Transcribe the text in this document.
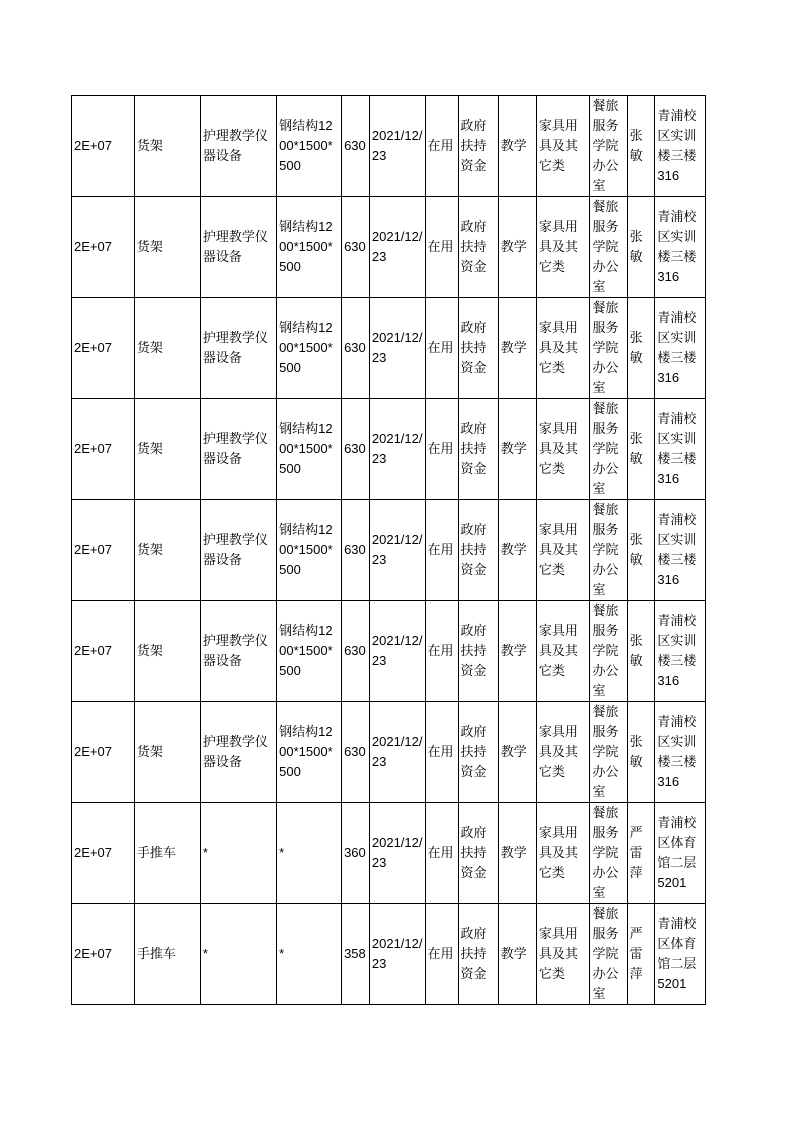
2E+07	货架	护理教学仪器设备	钢结构1200*1500*500	630	2021/12/23	在用	政府扶持资金	教学	家具用具及其它类	餐旅服务学院办公室	张敏	青浦校区实训楼三楼316
2E+07	货架	护理教学仪器设备	钢结构1200*1500*500	630	2021/12/23	在用	政府扶持资金	教学	家具用具及其它类	餐旅服务学院办公室	张敏	青浦校区实训楼三楼316
2E+07	货架	护理教学仪器设备	钢结构1200*1500*500	630	2021/12/23	在用	政府扶持资金	教学	家具用具及其它类	餐旅服务学院办公室	张敏	青浦校区实训楼三楼316
2E+07	货架	护理教学仪器设备	钢结构1200*1500*500	630	2021/12/23	在用	政府扶持资金	教学	家具用具及其它类	餐旅服务学院办公室	张敏	青浦校区实训楼三楼316
2E+07	货架	护理教学仪器设备	钢结构1200*1500*500	630	2021/12/23	在用	政府扶持资金	教学	家具用具及其它类	餐旅服务学院办公室	张敏	青浦校区实训楼三楼316
2E+07	货架	护理教学仪器设备	钢结构1200*1500*500	630	2021/12/23	在用	政府扶持资金	教学	家具用具及其它类	餐旅服务学院办公室	张敏	青浦校区实训楼三楼316
2E+07	货架	护理教学仪器设备	钢结构1200*1500*500	630	2021/12/23	在用	政府扶持资金	教学	家具用具及其它类	餐旅服务学院办公室	张敏	青浦校区实训楼三楼316
2E+07	手推车	*	*	360	2021/12/23	在用	政府扶持资金	教学	家具用具及其它类	餐旅服务学院办公室	严雷萍	青浦校区体育馆二层5201
2E+07	手推车	*	*	358	2021/12/23	在用	政府扶持资金	教学	家具用具及其它类	餐旅服务学院办公室	严雷萍	青浦校区体育馆二层5201
